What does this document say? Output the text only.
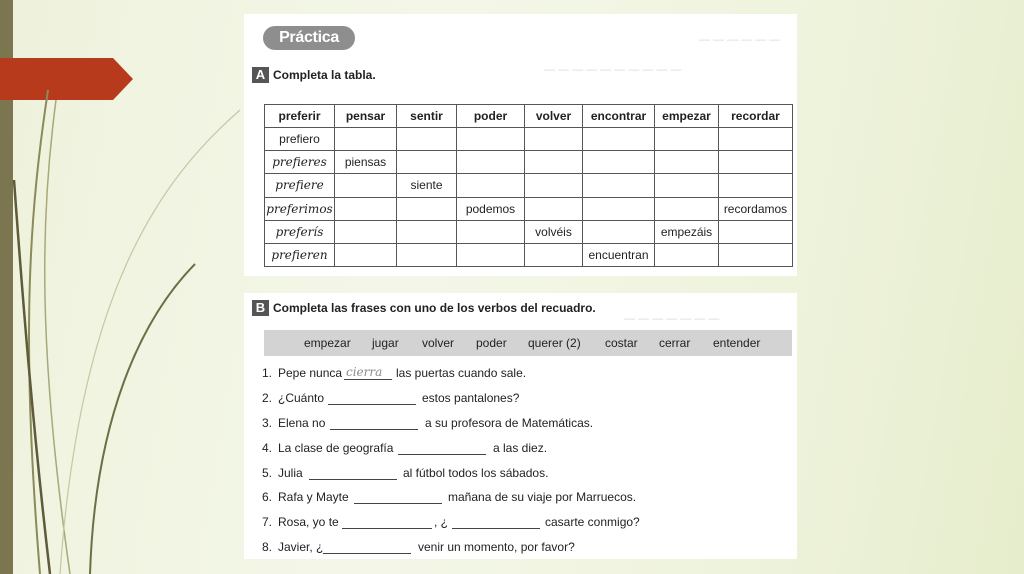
— — — — — —
— — — — — — — — — —
Práctica
A Completa la tabla.
preferir	pensar	sentir	poder	volver	encontrar	empezar	recordar
prefiero							
prefieres	piensas						
prefiere		siente					
preferimos			podemos				recordamos
preferís				volvéis		empezáis	
prefieren					encuentran		
— — — — — — —
B Completa las frases con uno de los verbos del recuadro.
empezar jugar volver poder querer (2) costar cerrar entender
1. Pepe nunca cierra las puertas cuando sale.
2. ¿Cuánto	estos pantalones?
3. Elena no	a su profesora de Matemáticas.
4. La clase de geografía	a las diez.
5. Julia	al fútbol todos los sábados.
6. Rafa y Mayte	mañana de su viaje por Marruecos.
7. Rosa, yo te	, ¿	casarte conmigo?
8. Javier, ¿	venir un momento, por favor?
